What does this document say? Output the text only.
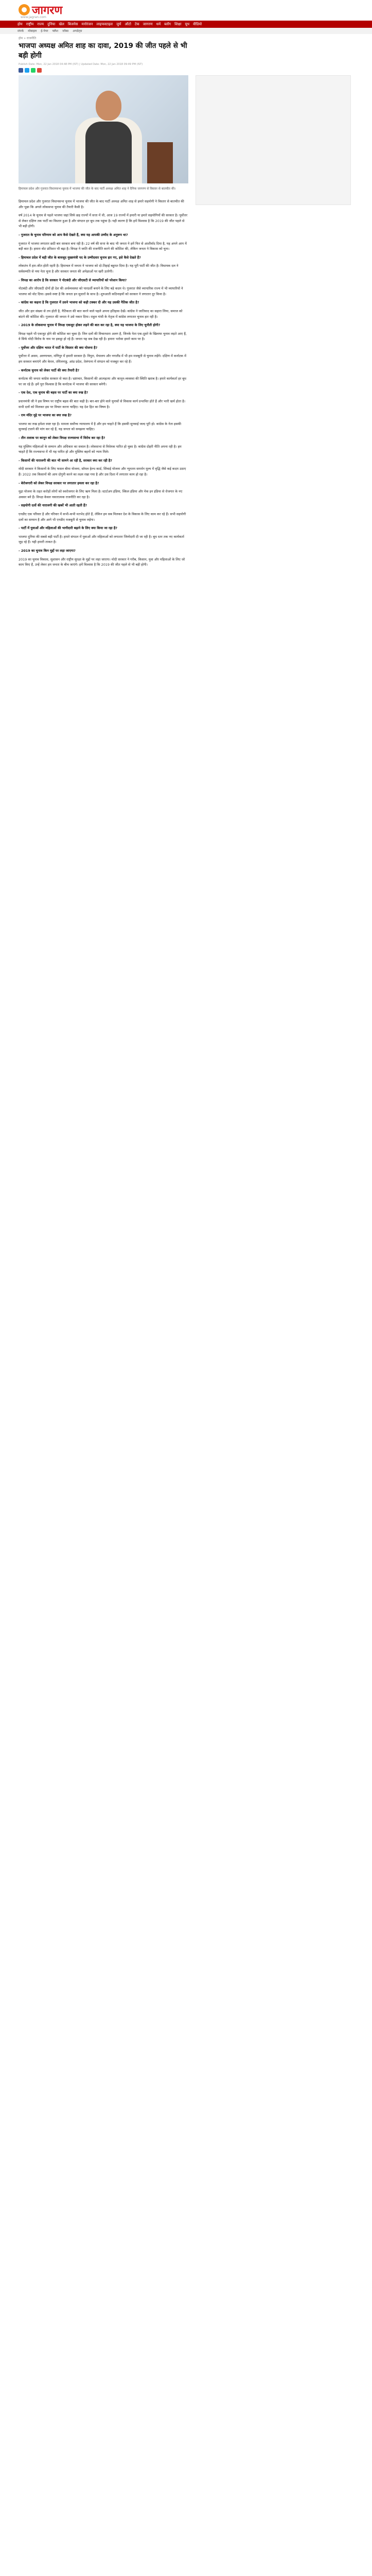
जागरण
www.jagran.com
होम राष्ट्रीय राज्य दुनिया खेल बिजनेस मनोरंजन लाइफस्टाइल जुर्म ऑटो टेक जागरण धर्म ब्लॉग शिक्षा यूथ वीडियो
संपर्क मोबाइल ई-पेपर फ्लैश जॉब्स अपडेट्स
होम » राजनीति
भाजपा अध्यक्ष अमित शाह का दावा, 2019 की जीत पहले से भी बड़ी होगी
Publish Date: Mon, 22 Jan 2018 04:48 PM (IST) | Updated Date: Mon, 22 Jan 2018 09:49 PM (IST)
हिमाचल प्रदेश और गुजरात विधानसभा चुनाव में भाजपा की जीत के बाद पार्टी अध्यक्ष अमित शाह ने दैनिक जागरण से विस्तार से बातचीत की।

हिमाचल प्रदेश और गुजरात विधानसभा चुनाव में भाजपा की जीत के बाद पार्टी अध्यक्ष अमित शाह से हमारे सहयोगी ने विस्तार से बातचीत की और पूछा कि अगले लोकसभा चुनाव की तैयारी कैसी है।

वर्ष 2014 के चुनाव से पहले भाजपा जहां सिर्फ छह राज्यों में सत्ता में थी, आज 19 राज्यों में हमारी या हमारे सहयोगियों की सरकार है। पूर्वोत्तर से लेकर दक्षिण तक पार्टी का विस्तार हुआ है और संगठन हर बूथ तक पहुंचा है। यही कारण है कि हमें विश्वास है कि 2019 की जीत पहले से भी बड़ी होगी।

- गुजरात के चुनाव परिणाम को आप कैसे देखते हैं, क्या यह आपकी उम्मीद के अनुरूप था?

गुजरात में भाजपा लगातार छठी बार सरकार बना रही है। 22 वर्ष की सत्ता के बाद भी जनता ने हमें फिर से आशीर्वाद दिया है, यह अपने आप में बड़ी बात है। हमारा वोट प्रतिशत भी बढ़ा है। विपक्ष ने जाति की राजनीति करने की कोशिश की, लेकिन जनता ने विकास को चुना।

- हिमाचल प्रदेश में बड़ी जीत के बावजूद मुख्यमंत्री पद के उम्मीदवार चुनाव हार गए, इसे कैसे देखते हैं?

लोकतंत्र में हार-जीत होती रहती है। हिमाचल में जनता ने भाजपा को दो-तिहाई बहुमत दिया है। यह पूरी पार्टी की जीत है। विधायक दल ने सर्वसम्मति से नया नेता चुना है और सरकार जनता की अपेक्षाओं पर खरी उतरेगी।

- विपक्ष का आरोप है कि सरकार ने नोटबंदी और जीएसटी से व्यापारियों को परेशान किया?

नोटबंदी और जीएसटी दोनों ही देश की अर्थव्यवस्था को पारदर्शी बनाने के लिए बड़े कदम थे। गुजरात जैसे व्यापारिक राज्य में भी व्यापारियों ने भाजपा को वोट दिया। इससे स्पष्ट है कि जनता इन सुधारों के साथ है। शुरुआती कठिनाइयों को सरकार ने लगातार दूर किया है।

- कांग्रेस का कहना है कि गुजरात में उसने भाजपा को कड़ी टक्कर दी और यह उसकी नैतिक जीत है?

जीत और हार संख्या से तय होती है, नैतिकता की बात करने वाले पहले अपना इतिहास देखें। कांग्रेस ने जातिवाद का सहारा लिया, समाज को बांटने की कोशिश की। गुजरात की जनता ने उसे नकार दिया। राहुल गांधी के नेतृत्व में कांग्रेस लगातार चुनाव हार रही है।

- 2019 के लोकसभा चुनाव में विपक्ष एकजुट होकर लड़ने की बात कर रहा है, क्या यह भाजपा के लिए चुनौती होगी?

विपक्ष पहले भी एकजुट होने की कोशिश कर चुका है। जिन दलों की विचारधारा अलग है, जिनके नेता एक-दूसरे के खिलाफ चुनाव लड़ते आए हैं, वे सिर्फ मोदी विरोध के नाम पर इकट्ठा हो रहे हैं। जनता यह सब देख रही है। हमारा भरोसा हमारे काम पर है।

- पूर्वोत्तर और दक्षिण भारत में पार्टी के विस्तार की क्या योजना है?

पूर्वोत्तर में असम, अरुणाचल, मणिपुर में हमारी सरकार है। त्रिपुरा, मेघालय और नगालैंड में भी हम मजबूती से चुनाव लड़ेंगे। दक्षिण में कर्नाटक में हम सरकार बनाएंगे और केरल, तमिलनाडु, आंध्र प्रदेश, तेलंगाना में संगठन को मजबूत कर रहे हैं।

- कर्नाटक चुनाव को लेकर पार्टी की क्या तैयारी है?

कर्नाटक की जनता कांग्रेस सरकार से त्रस्त है। भ्रष्टाचार, किसानों की आत्महत्या और कानून-व्यवस्था की स्थिति खराब है। हमारे कार्यकर्ता हर बूथ पर जा रहे हैं। हमें पूरा विश्वास है कि कर्नाटक में भाजपा की सरकार बनेगी।

- एक देश, एक चुनाव की बहस पर पार्टी का क्या रुख है?

प्रधानमंत्री जी ने इस विषय पर राष्ट्रीय बहस की बात कही है। बार-बार होने वाले चुनावों से विकास कार्य प्रभावित होते हैं और भारी खर्च होता है। सभी दलों को मिलकर इस पर विचार करना चाहिए। यह देश हित का विषय है।

- राम मंदिर मुद्दे पर भाजपा का क्या रुख है?

भाजपा का रुख हमेशा स्पष्ट रहा है। मामला सर्वोच्च न्यायालय में है और हम चाहते हैं कि इसकी सुनवाई जल्द पूरी हो। कांग्रेस के नेता इसकी सुनवाई टालने की मांग कर रहे हैं, यह जनता को समझना चाहिए।

- तीन तलाक पर कानून को लेकर विपक्ष राज्यसभा में विरोध कर रहा है?

यह मुस्लिम महिलाओं के सम्मान और अधिकार का सवाल है। लोकसभा से विधेयक पारित हो चुका है। कांग्रेस दोहरी नीति अपना रही है। हम चाहते हैं कि राज्यसभा में भी यह पारित हो और मुस्लिम बहनों को न्याय मिले।

- किसानों की नाराजगी की बात भी सामने आ रही है, सरकार क्या कर रही है?

मोदी सरकार ने किसानों के लिए फसल बीमा योजना, सॉयल हेल्थ कार्ड, सिंचाई योजना और न्यूनतम समर्थन मूल्य में वृद्धि जैसे कई कदम उठाए हैं। 2022 तक किसानों की आय दोगुनी करने का लक्ष्य रखा गया है और उस दिशा में लगातार काम हो रहा है।

- बेरोजगारी को लेकर विपक्ष सरकार पर लगातार हमला कर रहा है?

मुद्रा योजना के तहत करोड़ों लोगों को स्वरोजगार के लिए ऋण मिला है। स्टार्टअप इंडिया, स्किल इंडिया और मेक इन इंडिया से रोजगार के नए अवसर बने हैं। विपक्ष केवल नकारात्मक राजनीति कर रहा है।

- सहयोगी दलों की नाराजगी की खबरें भी आती रहती हैं?

एनडीए एक परिवार है और परिवार में कभी-कभी मतभेद होते हैं, लेकिन हम सब मिलकर देश के विकास के लिए काम कर रहे हैं। सभी सहयोगी दलों का सम्मान है और आगे भी एनडीए मजबूती से चुनाव लड़ेगा।

- पार्टी में युवाओं और महिलाओं की भागीदारी बढ़ाने के लिए क्या किया जा रहा है?

भाजपा दुनिया की सबसे बड़ी पार्टी है। हमारे संगठन में युवाओं और महिलाओं को लगातार जिम्मेदारी दी जा रही है। बूथ स्तर तक नए कार्यकर्ता जुड़ रहे हैं। यही हमारी ताकत है।

- 2019 का चुनाव किन मुद्दों पर लड़ा जाएगा?

2019 का चुनाव विकास, सुशासन और राष्ट्रीय सुरक्षा के मुद्दों पर लड़ा जाएगा। मोदी सरकार ने गरीब, किसान, युवा और महिलाओं के लिए जो काम किए हैं, उन्हें लेकर हम जनता के बीच जाएंगे। हमें विश्वास है कि 2019 की जीत पहले से भी बड़ी होगी।
